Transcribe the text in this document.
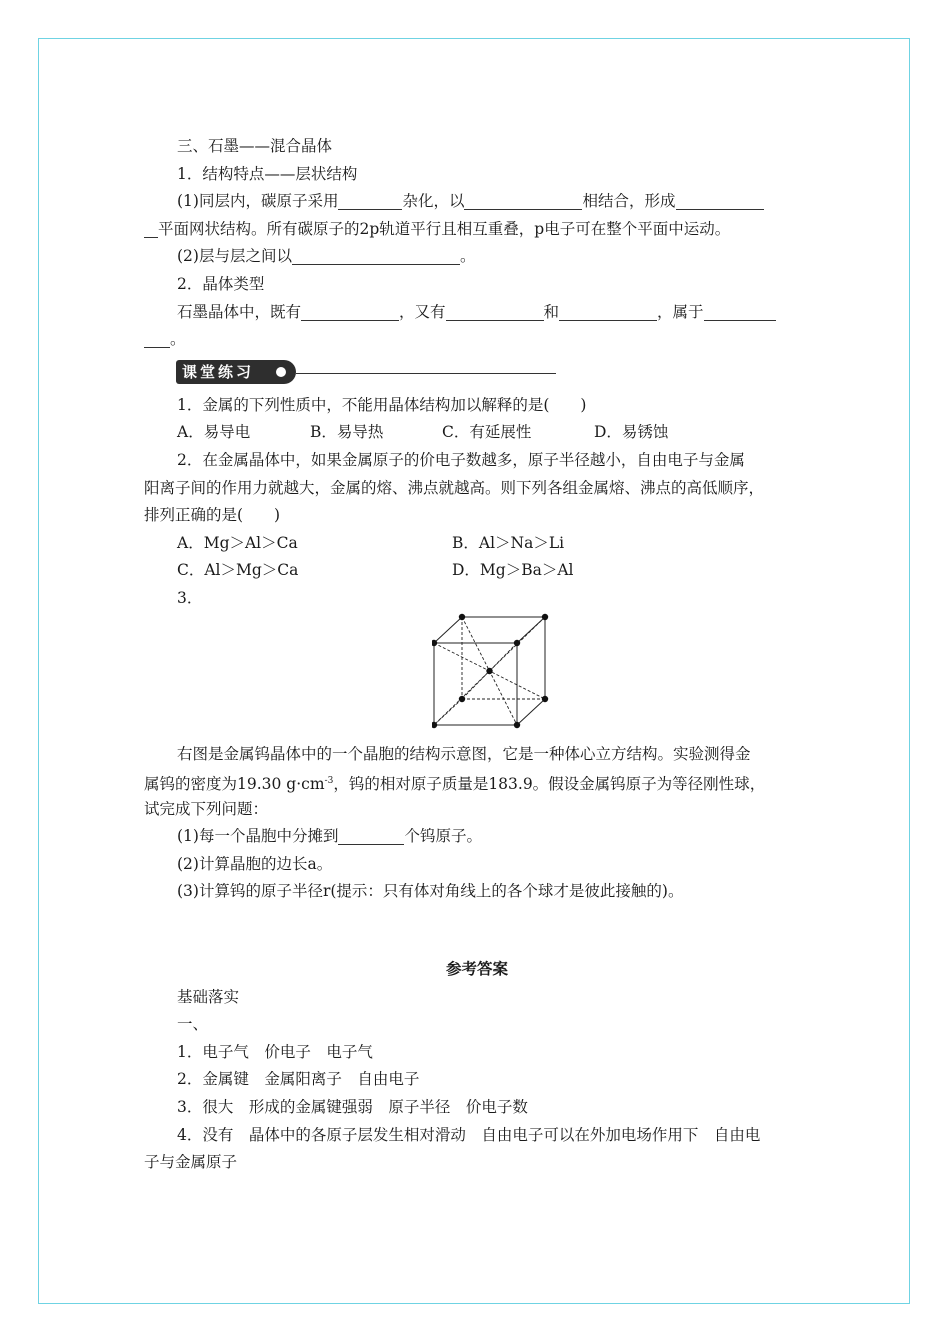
三、石墨——混合晶体
1．结构特点——层状结构
(1)同层内，碳原子采用	杂化，以	相结合，形成
平面网状结构。所有碳原子的2p轨道平行且相互重叠，p电子可在整个平面中运动。
(2)层与层之间以	。
2．晶体类型
石墨晶体中，既有	，又有	和	，属于
。
课堂练习
1．金属的下列性质中，不能用晶体结构加以解释的是(　　)
A．易导电	B．易导热	C．有延展性	D．易锈蚀
2．在金属晶体中，如果金属原子的价电子数越多，原子半径越小，自由电子与金属
阳离子间的作用力就越大，金属的熔、沸点就越高。则下列各组金属熔、沸点的高低顺序，
排列正确的是(　　)
A．Mg＞Al＞Ca	B．Al＞Na＞Li
C．Al＞Mg＞Ca	D．Mg＞Ba＞Al
3．
右图是金属钨晶体中的一个晶胞的结构示意图，它是一种体心立方结构。实验测得金
属钨的密度为19.30 $g\cdot cm^{-3}$，钨的相对原子质量是183.9。假设金属钨原子为等径刚性球，
试完成下列问题：
(1)每一个晶胞中分摊到	个钨原子。
(2)计算晶胞的边长a。
(3)计算钨的原子半径r(提示：只有体对角线上的各个球才是彼此接触的)。
参考答案
基础落实
一、
1．电子气　价电子　电子气
2．金属键　金属阳离子　自由电子
3．很大　形成的金属键强弱　原子半径　价电子数
4．没有　晶体中的各原子层发生相对滑动　自由电子可以在外加电场作用下　自由电
子与金属原子
